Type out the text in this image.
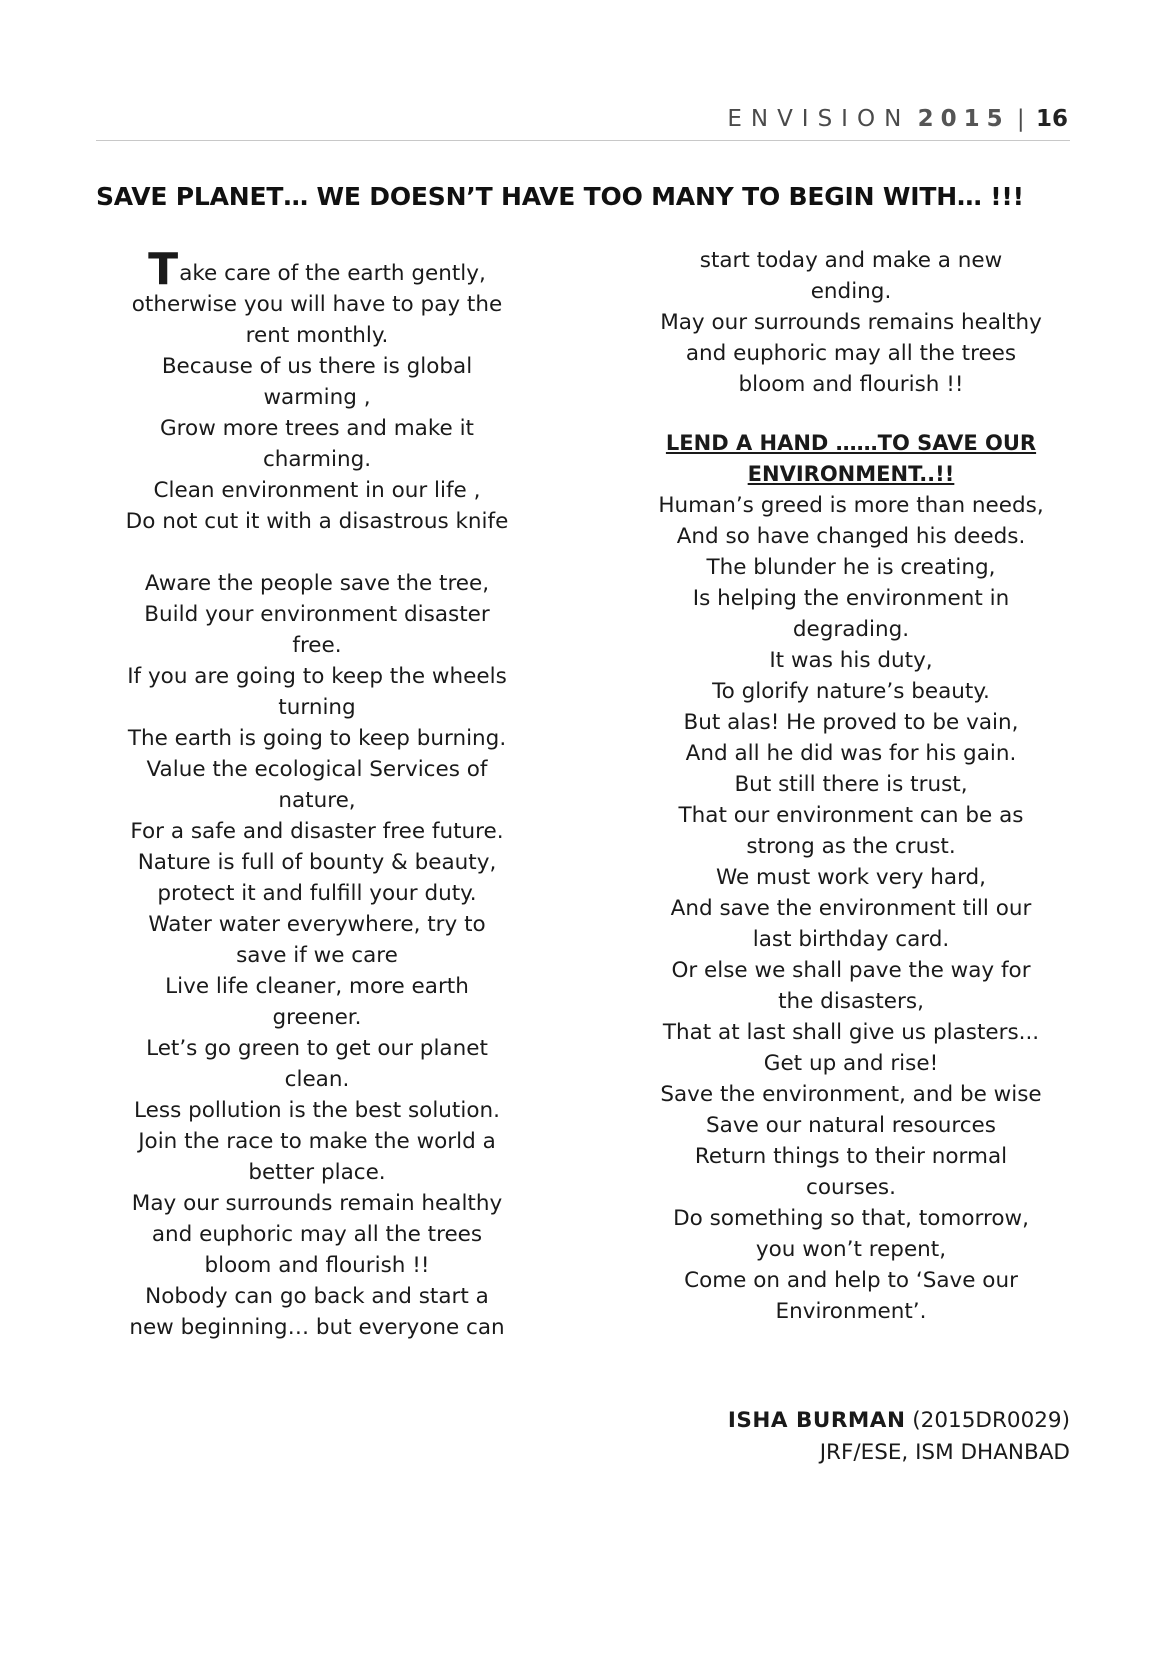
ENVISION 2015 | 16
SAVE PLANET… WE DOESN’T HAVE TOO MANY TO BEGIN WITH… !!!
Take care of the earth gently,
otherwise you will have to pay the
rent monthly.
Because of us there is global
warming ,
Grow more trees and make it
charming.
Clean environment in our life ,
Do not cut it with a disastrous knife
Aware the people save the tree,
Build your environment disaster
free.
If you are going to keep the wheels
turning
The earth is going to keep burning.
Value the ecological Services of
nature,
For a safe and disaster free future.
Nature is full of bounty & beauty,
protect it and fulfill your duty.
Water water everywhere, try to
save if we care
Live life cleaner, more earth
greener.
Let’s go green to get our planet
clean.
Less pollution is the best solution.
Join the race to make the world a
better place.
May our surrounds remain healthy
and euphoric may all the trees
bloom and flourish !!
Nobody can go back and start a
new beginning… but everyone can
start today and make a new
ending.
May our surrounds remains healthy
and euphoric may all the trees
bloom and flourish !!
LEND A HAND ……TO SAVE OUR
ENVIRONMENT..!!
Human’s greed is more than needs,
And so have changed his deeds.
The blunder he is creating,
Is helping the environment in
degrading.
It was his duty,
To glorify nature’s beauty.
But alas! He proved to be vain,
And all he did was for his gain.
But still there is trust,
That our environment can be as
strong as the crust.
We must work very hard,
And save the environment till our
last birthday card.
Or else we shall pave the way for
the disasters,
That at last shall give us plasters...
Get up and rise!
Save the environment, and be wise
Save our natural resources
Return things to their normal
courses.
Do something so that, tomorrow,
you won’t repent,
Come on and help to ‘Save our
Environment’.
ISHA BURMAN (2015DR0029)
JRF/ESE, ISM DHANBAD
